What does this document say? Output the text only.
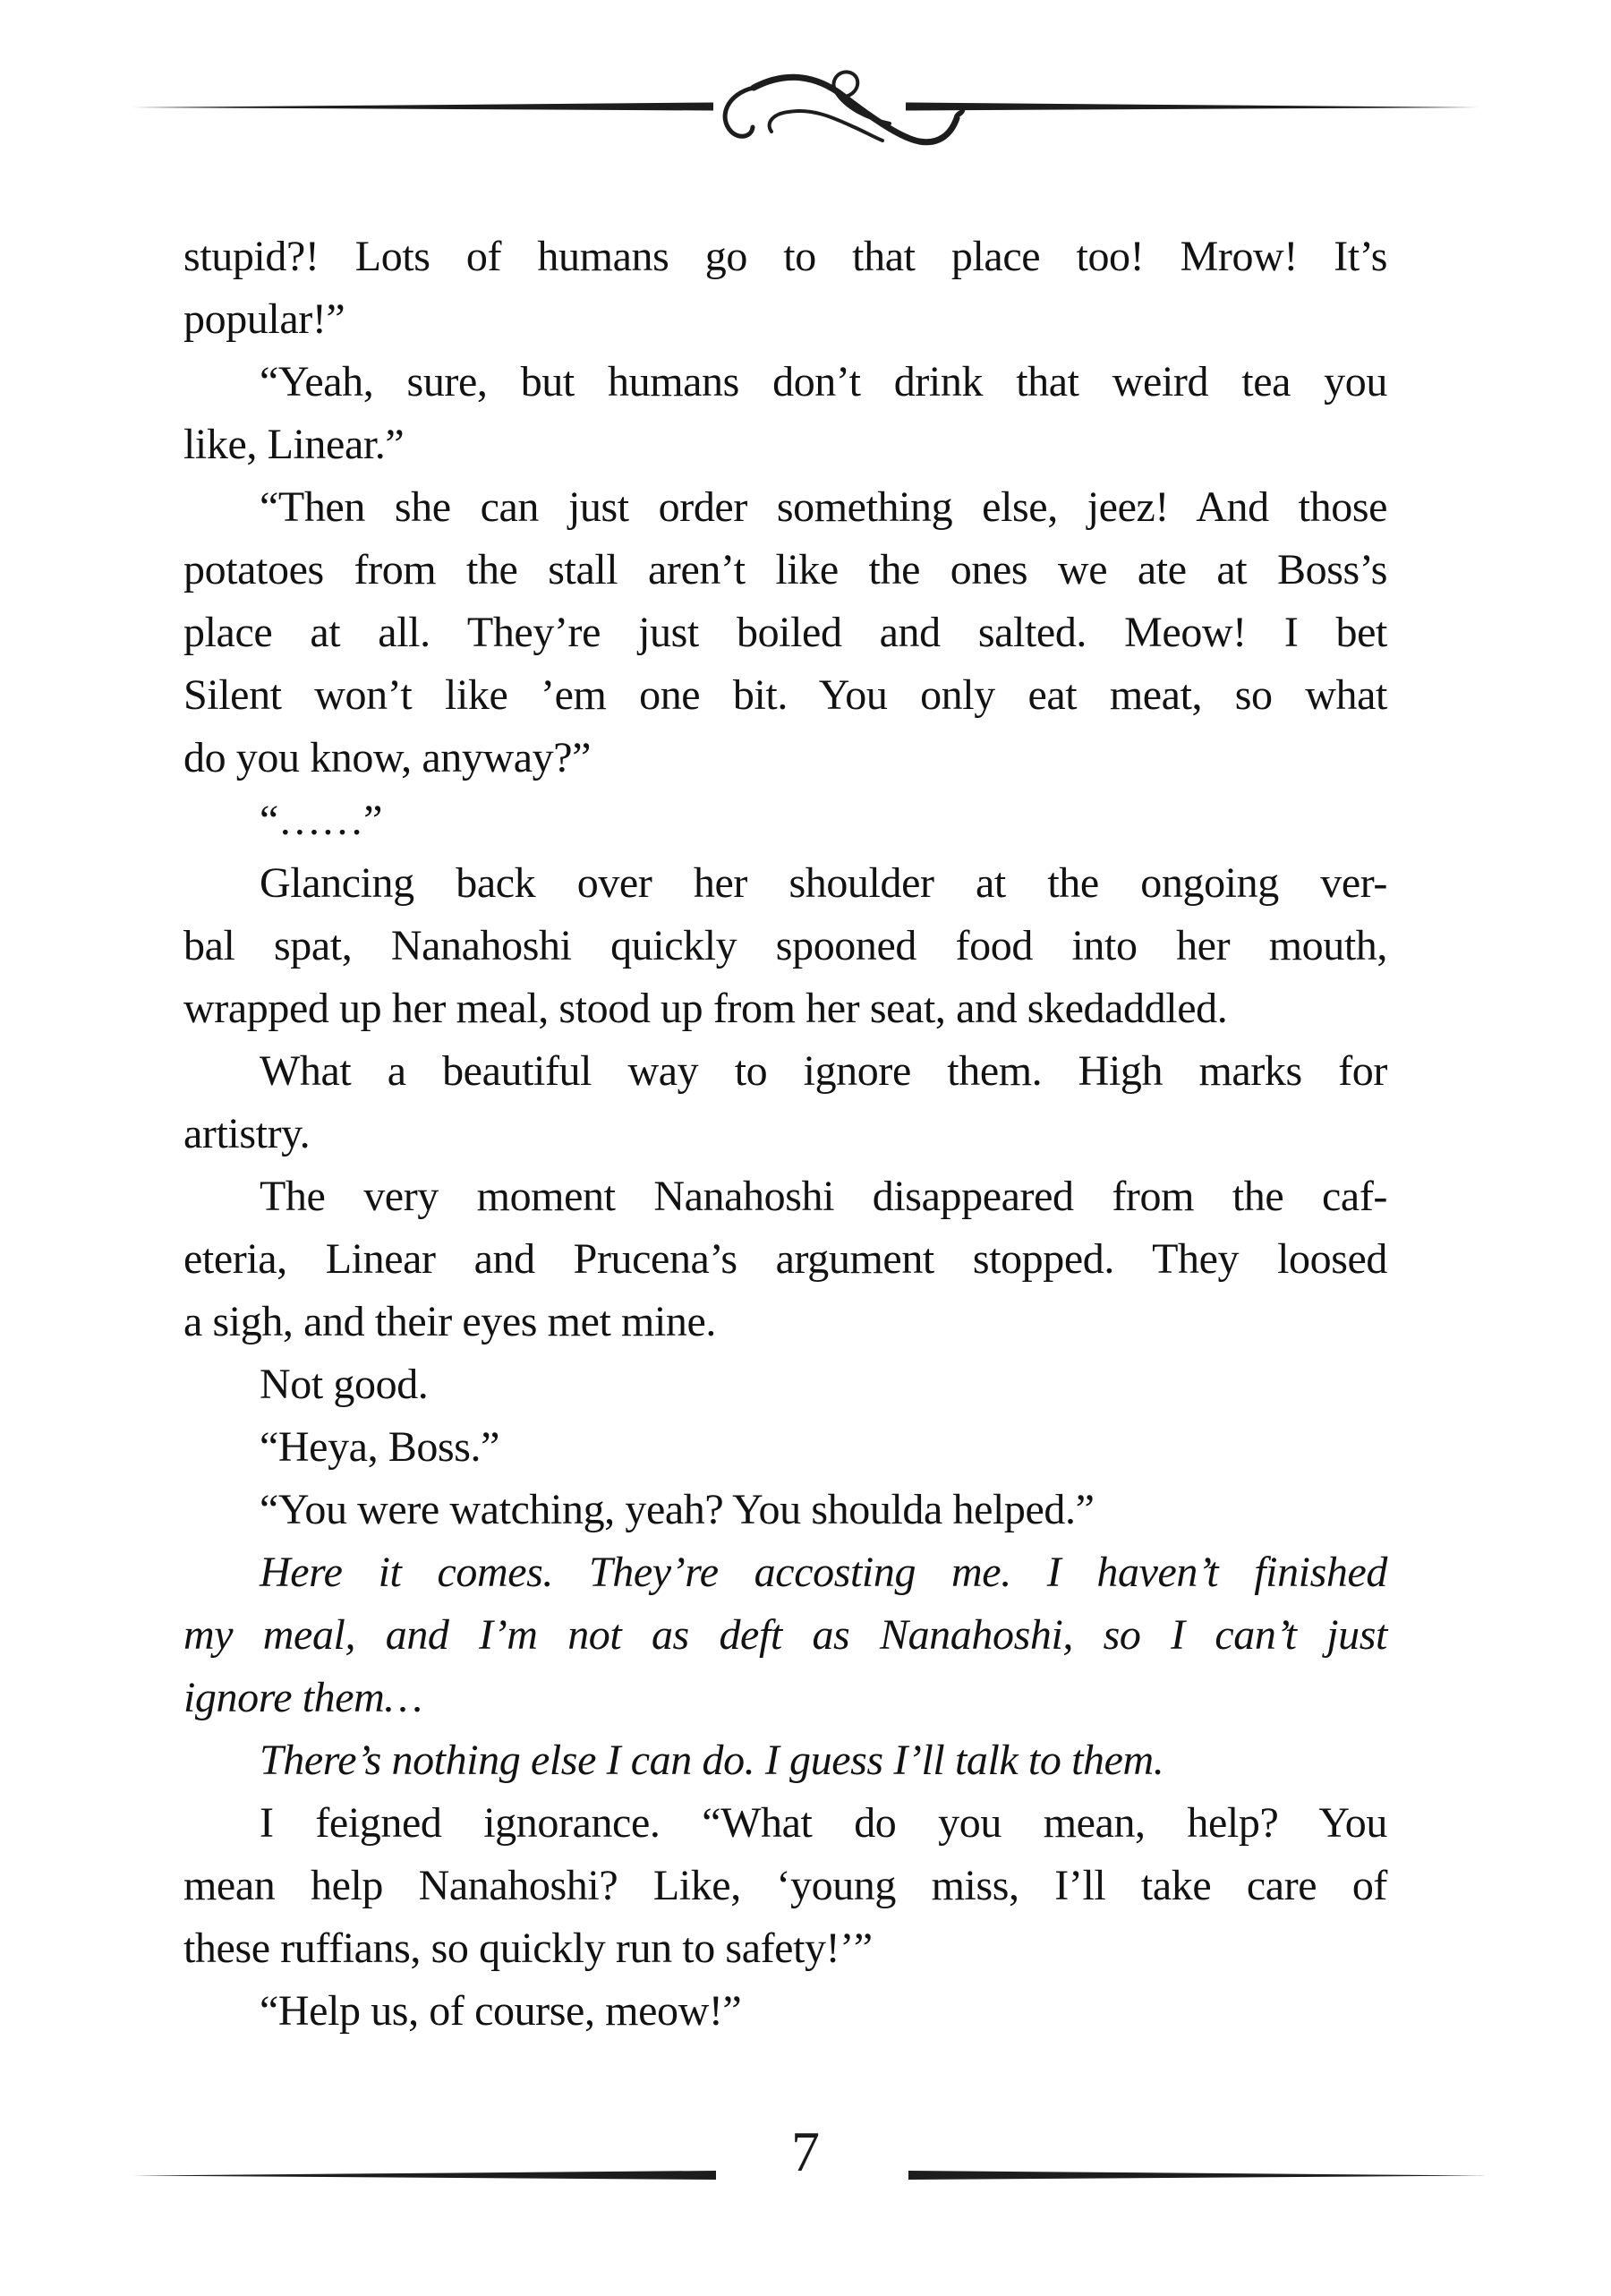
stupid?! Lots of humans go to that place too! Mrow! It’s
popular!”
“Yeah, sure, but humans don’t drink that weird tea you
like, Linear.”
“Then she can just order something else, jeez! And those
potatoes from the stall aren’t like the ones we ate at Boss’s
place at all. They’re just boiled and salted. Meow! I bet
Silent won’t like ’em one bit. You only eat meat, so what
do you know, anyway?”
“……”
Glancing back over her shoulder at the ongoing ver-
bal spat, Nanahoshi quickly spooned food into her mouth,
wrapped up her meal, stood up from her seat, and skedaddled.
What a beautiful way to ignore them. High marks for
artistry.
The very moment Nanahoshi disappeared from the caf-
eteria, Linear and Prucena’s argument stopped. They loosed
a sigh, and their eyes met mine.
Not good.
“Heya, Boss.”
“You were watching, yeah? You shoulda helped.”
Here it comes. They’re accosting me. I haven’t finished
my meal, and I’m not as deft as Nanahoshi, so I can’t just
ignore them…
There’s nothing else I can do. I guess I’ll talk to them.
I feigned ignorance. “What do you mean, help? You
mean help Nanahoshi? Like, ‘young miss, I’ll take care of
these ruffians, so quickly run to safety!’”
“Help us, of course, meow!”
7
